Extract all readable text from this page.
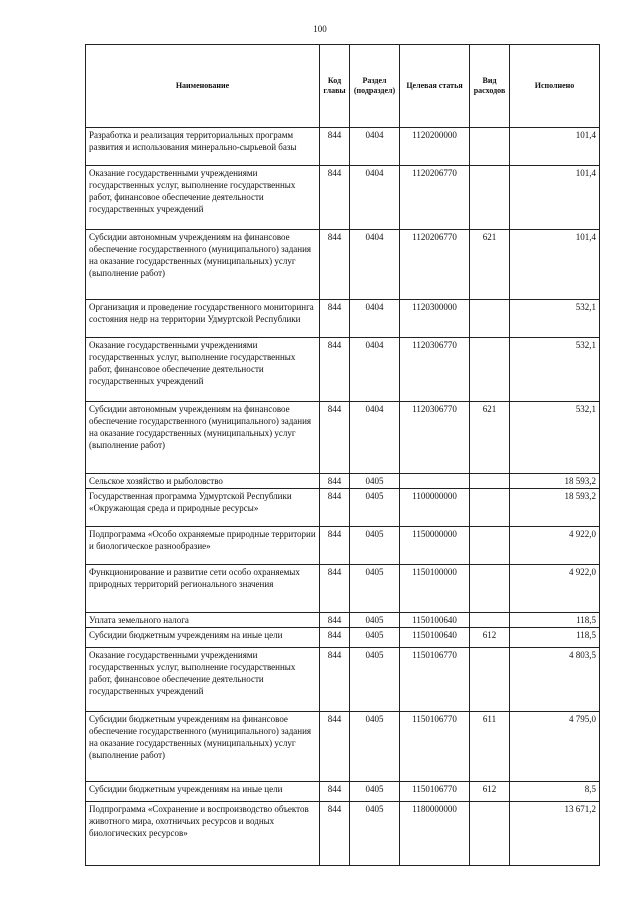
100
Наименование	Код главы	Раздел (подраздел)	Целевая статья	Вид расходов	Исполнено
Разработка и реализация территориальных программ развития и использования минерально-сырьевой базы	844	0404	1120200000		101,4
Оказание государственными учреждениями государственных услуг, выполнение государственных работ, финансовое обеспечение деятельности государственных учреждений	844	0404	1120206770		101,4
Субсидии автономным учреждениям на финансовое обеспечение государственного (муниципального) задания на оказание государственных (муниципальных) услуг (выполнение работ)	844	0404	1120206770	621	101,4
Организация и проведение государственного мониторинга состояния недр на территории Удмуртской Республики	844	0404	1120300000		532,1
Оказание государственными учреждениями государственных услуг, выполнение государственных работ, финансовое обеспечение деятельности государственных учреждений	844	0404	1120306770		532,1
Субсидии автономным учреждениям на финансовое обеспечение государственного (муниципального) задания на оказание государственных (муниципальных) услуг (выполнение работ)	844	0404	1120306770	621	532,1
Сельское хозяйство и рыболовство	844	0405			18 593,2
Государственная программа Удмуртской Республики «Окружающая среда и природные ресурсы»	844	0405	1100000000		18 593,2
Подпрограмма «Особо охраняемые природные территории и биологическое разнообразие»	844	0405	1150000000		4 922,0
Функционирование и развитие сети особо охраняемых природных территорий регионального значения	844	0405	1150100000		4 922,0
Уплата земельного налога	844	0405	1150100640		118,5
Субсидии бюджетным учреждениям на иные цели	844	0405	1150100640	612	118,5
Оказание государственными учреждениями государственных услуг, выполнение государственных работ, финансовое обеспечение деятельности государственных учреждений	844	0405	1150106770		4 803,5
Субсидии бюджетным учреждениям на финансовое обеспечение государственного (муниципального) задания на оказание государственных (муниципальных) услуг (выполнение работ)	844	0405	1150106770	611	4 795,0
Субсидии бюджетным учреждениям на иные цели	844	0405	1150106770	612	8,5
Подпрограмма «Сохранение и воспроизводство объектов животного мира, охотничьих ресурсов и водных биологических ресурсов»	844	0405	1180000000		13 671,2
